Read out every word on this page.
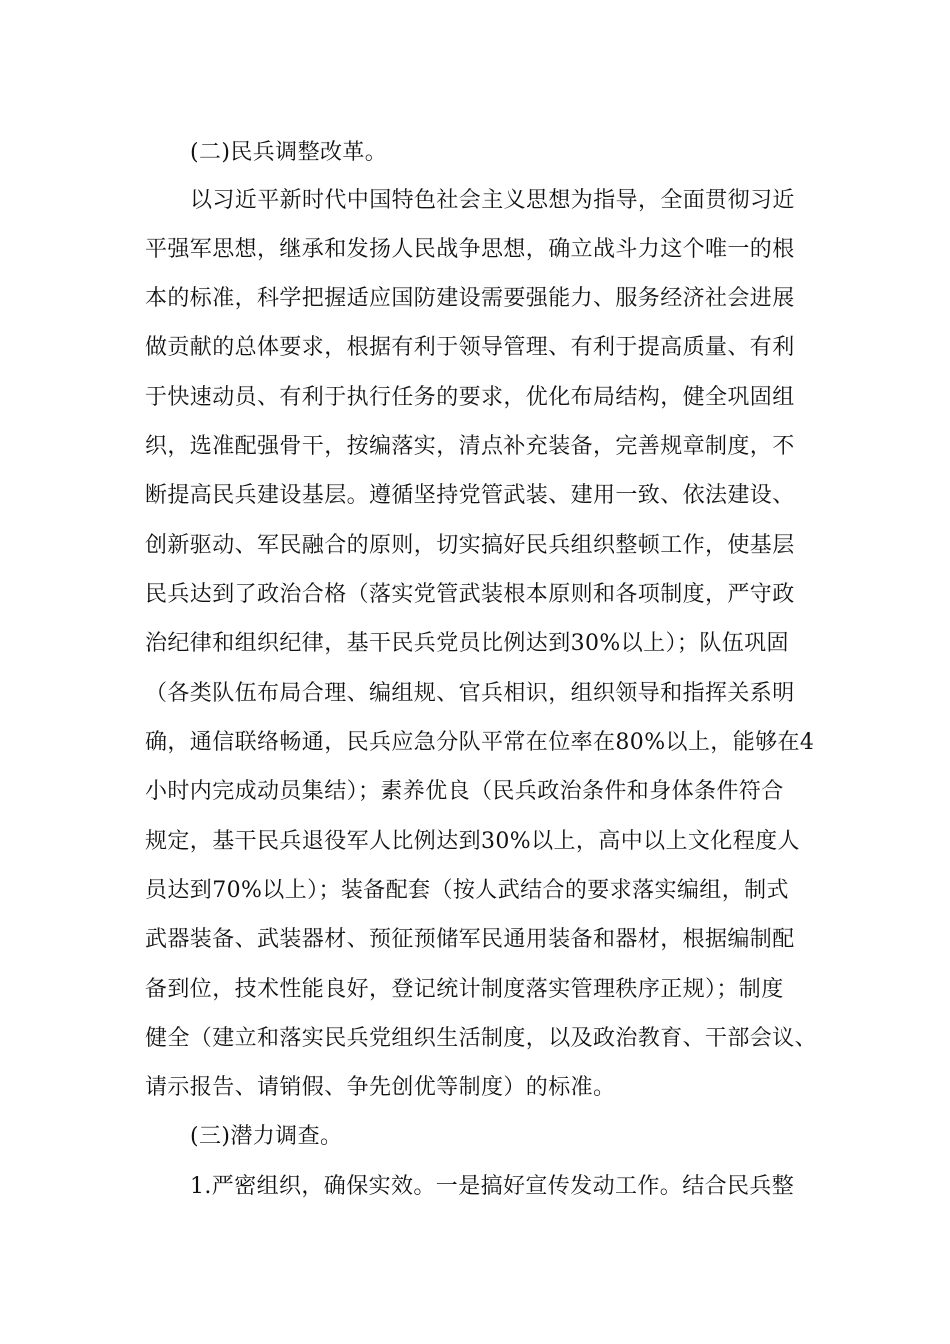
(二)民兵调整改革。
以习近平新时代中国特色社会主义思想为指导，全面贯彻习近
平强军思想，继承和发扬人民战争思想，确立战斗力这个唯一的根
本的标准，科学把握适应国防建设需要强能力、服务经济社会进展
做贡献的总体要求，根据有利于领导管理、有利于提高质量、有利
于快速动员、有利于执行任务的要求，优化布局结构，健全巩固组
织，选准配强骨干，按编落实，清点补充装备，完善规章制度，不
断提高民兵建设基层。遵循坚持党管武装、建用一致、依法建设、
创新驱动、军民融合的原则，切实搞好民兵组织整顿工作，使基层
民兵达到了政治合格（落实党管武装根本原则和各项制度，严守政
治纪律和组织纪律，基干民兵党员比例达到30%以上）；队伍巩固
（各类队伍布局合理、编组规、官兵相识，组织领导和指挥关系明
确，通信联络畅通，民兵应急分队平常在位率在80%以上，能够在4
小时内完成动员集结）；素养优良（民兵政治条件和身体条件符合
规定，基干民兵退役军人比例达到30%以上，高中以上文化程度人
员达到70%以上）；装备配套（按人武结合的要求落实编组，制式
武器装备、武装器材、预征预储军民通用装备和器材，根据编制配
备到位，技术性能良好，登记统计制度落实管理秩序正规）；制度
健全（建立和落实民兵党组织生活制度，以及政治教育、干部会议、
请示报告、请销假、争先创优等制度）的标准。
(三)潜力调查。
1.严密组织，确保实效。一是搞好宣传发动工作。结合民兵整
